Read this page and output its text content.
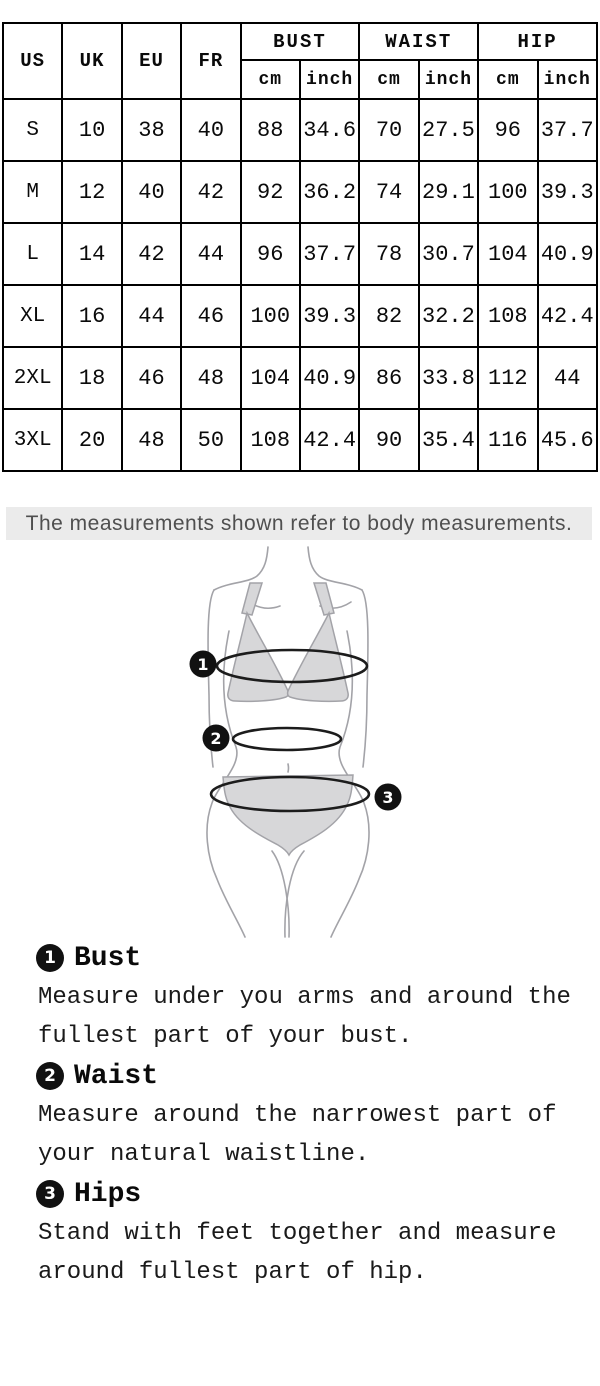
US	UK	EU	FR	BUST		WAIST		HIP	
				cm	inch	cm	inch	cm	inch
S	10	38	40	88	34.6	70	27.5	96	37.7
M	12	40	42	92	36.2	74	29.1	100	39.3
L	14	42	44	96	37.7	78	30.7	104	40.9
XL	16	44	46	100	39.3	82	32.2	108	42.4
2XL	18	46	48	104	40.9	86	33.8	112	44
3XL	20	48	50	108	42.4	90	35.4	116	45.6
The measurements shown refer to body measurements.
1
2
3
1 Bust

Measure under you arms and around the
fullest part of your bust.

2 Waist

Measure around the narrowest part of
your natural waistline.

3 Hips

Stand with feet together and measure
around fullest part of hip.
